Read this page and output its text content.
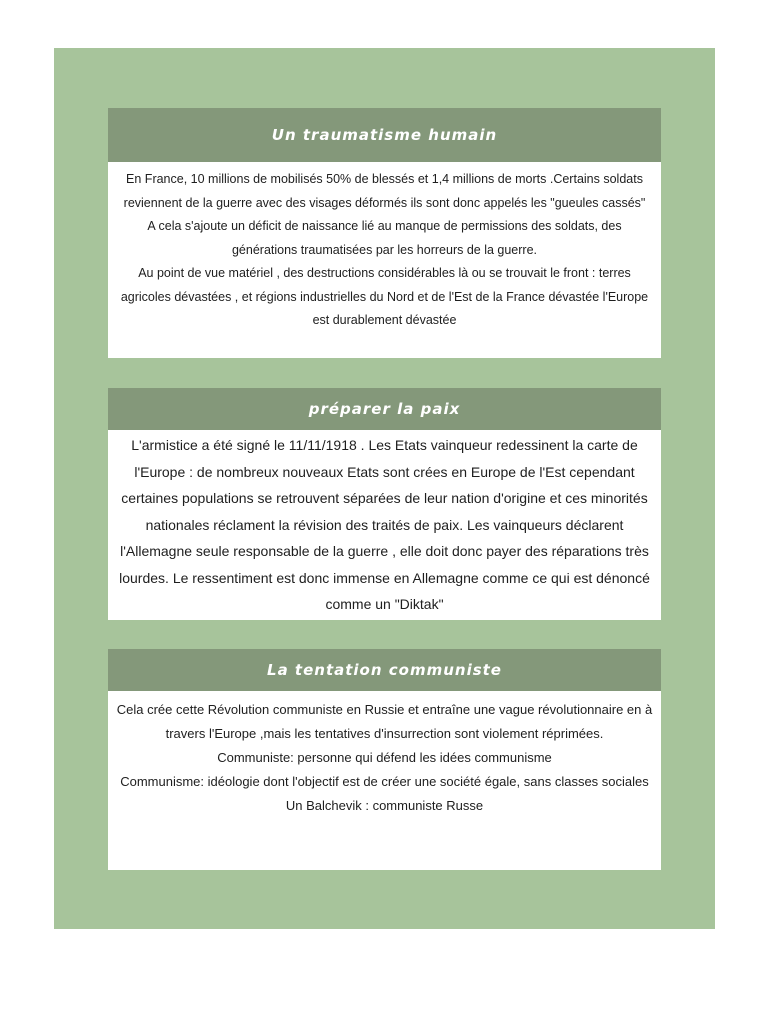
Un traumatisme humain

En France, 10 millions de mobilisés 50% de blessés et 1,4 millions de morts .Certains soldats reviennent de la guerre avec des visages déformés ils sont donc appelés les "gueules cassés"

A cela s'ajoute un déficit de naissance lié au manque de permissions des soldats, des générations traumatisées par les horreurs de la guerre.

Au point de vue matériel , des destructions considérables là ou se trouvait le front : terres agricoles dévastées , et régions industrielles du Nord et de l'Est de la France dévastée l'Europe est durablement dévastée

préparer la paix

L'armistice a été signé le 11/11/1918 . Les Etats vainqueur redessinent la carte de l'Europe : de nombreux nouveaux Etats sont crées en Europe de l'Est cependant certaines populations se retrouvent séparées de leur nation d'origine et ces minorités nationales réclament la révision des traités de paix. Les vainqueurs déclarent l'Allemagne seule responsable de la guerre , elle doit donc payer des réparations très lourdes. Le ressentiment est donc immense en Allemagne comme ce qui est dénoncé comme un "Diktak"

La tentation communiste

Cela crée cette Révolution communiste en Russie et entraîne une vague révolutionnaire en à travers l'Europe ,mais les tentatives d'insurrection sont violement réprimées.

Communiste: personne qui défend les idées communisme

Communisme: idéologie dont l'objectif est de créer une société égale, sans classes sociales

Un Balchevik : communiste Russe
